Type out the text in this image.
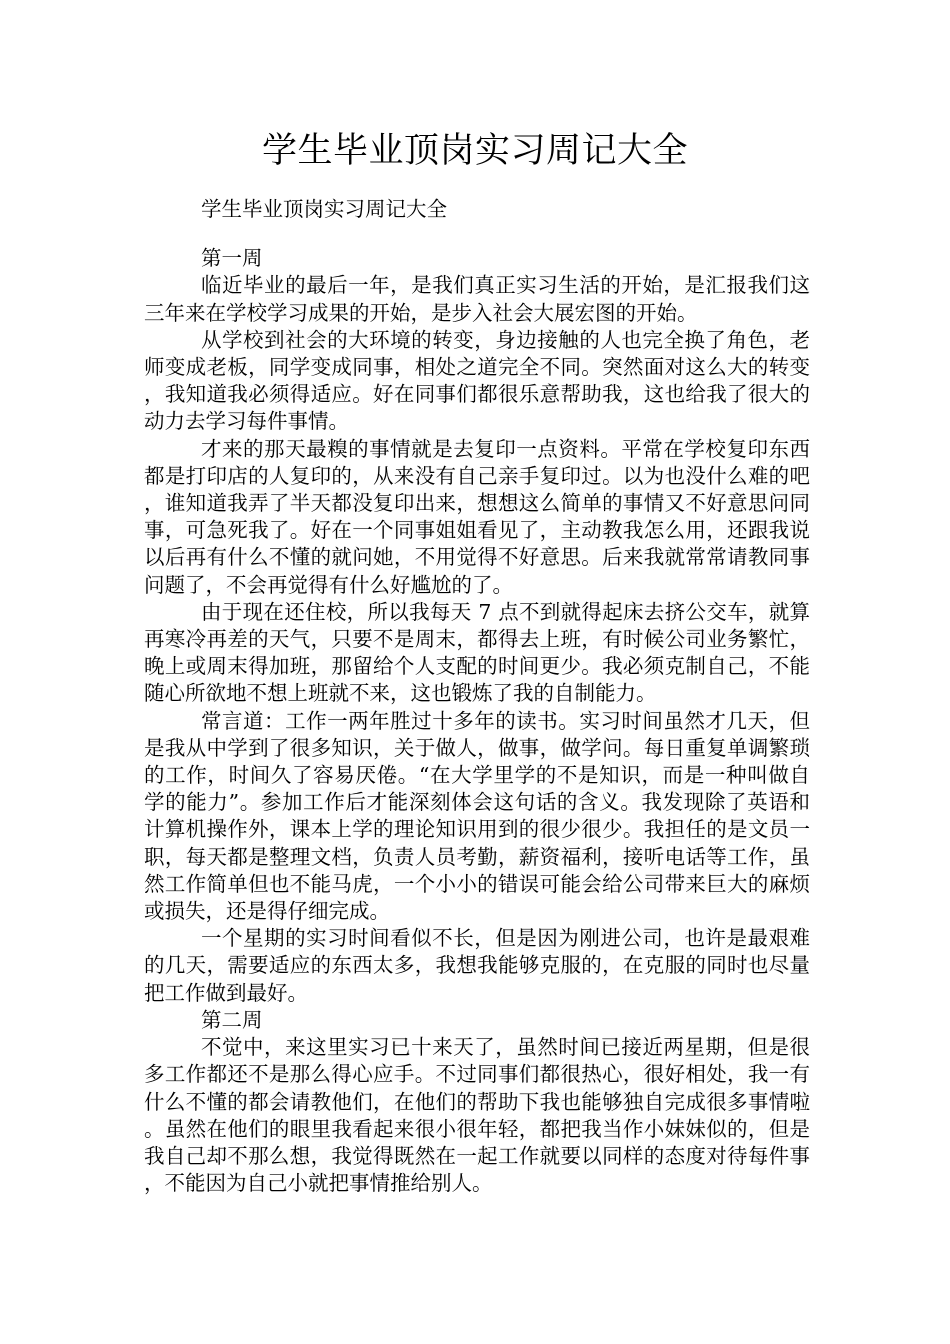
学生毕业顶岗实习周记大全

学生毕业顶岗实习周记大全

第一周

临近毕业的最后一年，是我们真正实习生活的开始，是汇报我们这三年来在学校学习成果的开始，是步入社会大展宏图的开始。

从学校到社会的大环境的转变，身边接触的人也完全换了角色，老师变成老板，同学变成同事，相处之道完全不同。突然面对这么大的转变，我知道我必须得适应。好在同事们都很乐意帮助我，这也给我了很大的动力去学习每件事情。

才来的那天最糗的事情就是去复印一点资料。平常在学校复印东西都是打印店的人复印的，从来没有自己亲手复印过。以为也没什么难的吧，谁知道我弄了半天都没复印出来，想想这么简单的事情又不好意思问同事，可急死我了。好在一个同事姐姐看见了，主动教我怎么用，还跟我说以后再有什么不懂的就问她，不用觉得不好意思。后来我就常常请教同事问题了，不会再觉得有什么好尴尬的了。

由于现在还住校，所以我每天 7 点不到就得起床去挤公交车，就算再寒冷再差的天气，只要不是周末，都得去上班，有时候公司业务繁忙，晚上或周末得加班，那留给个人支配的时间更少。我必须克制自己，不能随心所欲地不想上班就不来，这也锻炼了我的自制能力。

常言道：工作一两年胜过十多年的读书。实习时间虽然才几天，但是我从中学到了很多知识，关于做人，做事，做学问。每日重复单调繁琐的工作，时间久了容易厌倦。“在大学里学的不是知识，而是一种叫做自学的能力”。参加工作后才能深刻体会这句话的含义。我发现除了英语和计算机操作外，课本上学的理论知识用到的很少很少。我担任的是文员一职，每天都是整理文档，负责人员考勤，薪资福利，接听电话等工作，虽然工作简单但也不能马虎，一个小小的错误可能会给公司带来巨大的麻烦或损失，还是得仔细完成。

一个星期的实习时间看似不长，但是因为刚进公司，也许是最艰难的几天，需要适应的东西太多，我想我能够克服的，在克服的同时也尽量把工作做到最好。

第二周

不觉中，来这里实习已十来天了，虽然时间已接近两星期，但是很多工作都还不是那么得心应手。不过同事们都很热心，很好相处，我一有什么不懂的都会请教他们，在他们的帮助下我也能够独自完成很多事情啦。虽然在他们的眼里我看起来很小很年轻，都把我当作小妹妹似的，但是我自己却不那么想，我觉得既然在一起工作就要以同样的态度对待每件事，不能因为自己小就把事情推给别人。
